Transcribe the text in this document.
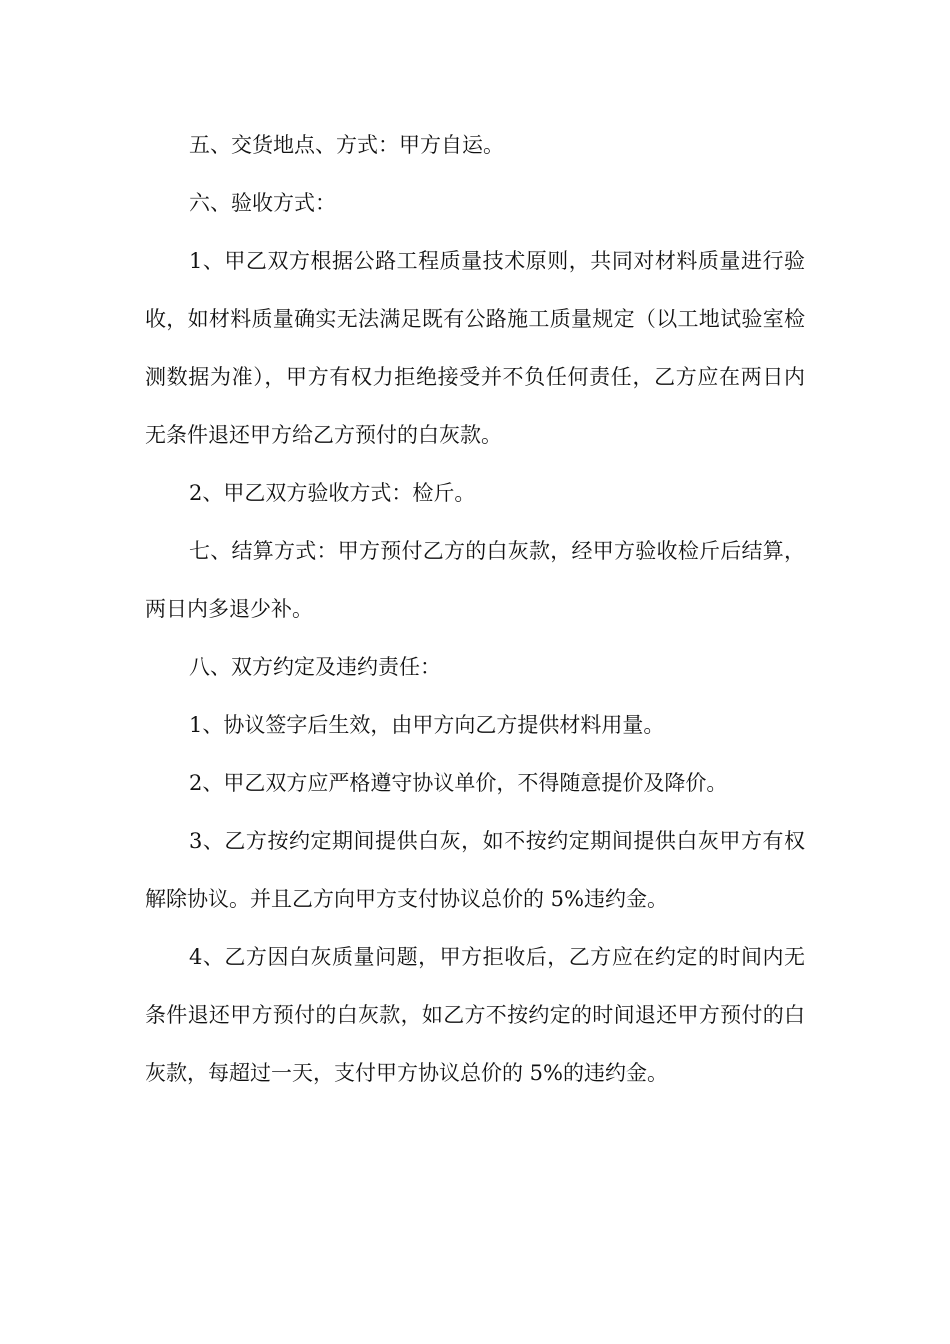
五、交货地点、方式：甲方自运。

六、验收方式：

1、甲乙双方根据公路工程质量技术原则，共同对材料质量进行验收，如材料质量确实无法满足既有公路施工质量规定（以工地试验室检测数据为准），甲方有权力拒绝接受并不负任何责任，乙方应在两日内无条件退还甲方给乙方预付的白灰款。

2、甲乙双方验收方式：检斤。

七、结算方式：甲方预付乙方的白灰款，经甲方验收检斤后结算，两日内多退少补。

八、双方约定及违约责任：

1、协议签字后生效，由甲方向乙方提供材料用量。

2、甲乙双方应严格遵守协议单价，不得随意提价及降价。

3、乙方按约定期间提供白灰，如不按约定期间提供白灰甲方有权解除协议。并且乙方向甲方支付协议总价的 5%违约金。

4、乙方因白灰质量问题，甲方拒收后，乙方应在约定的时间内无条件退还甲方预付的白灰款，如乙方不按约定的时间退还甲方预付的白灰款，每超过一天，支付甲方协议总价的 5%的违约金。
